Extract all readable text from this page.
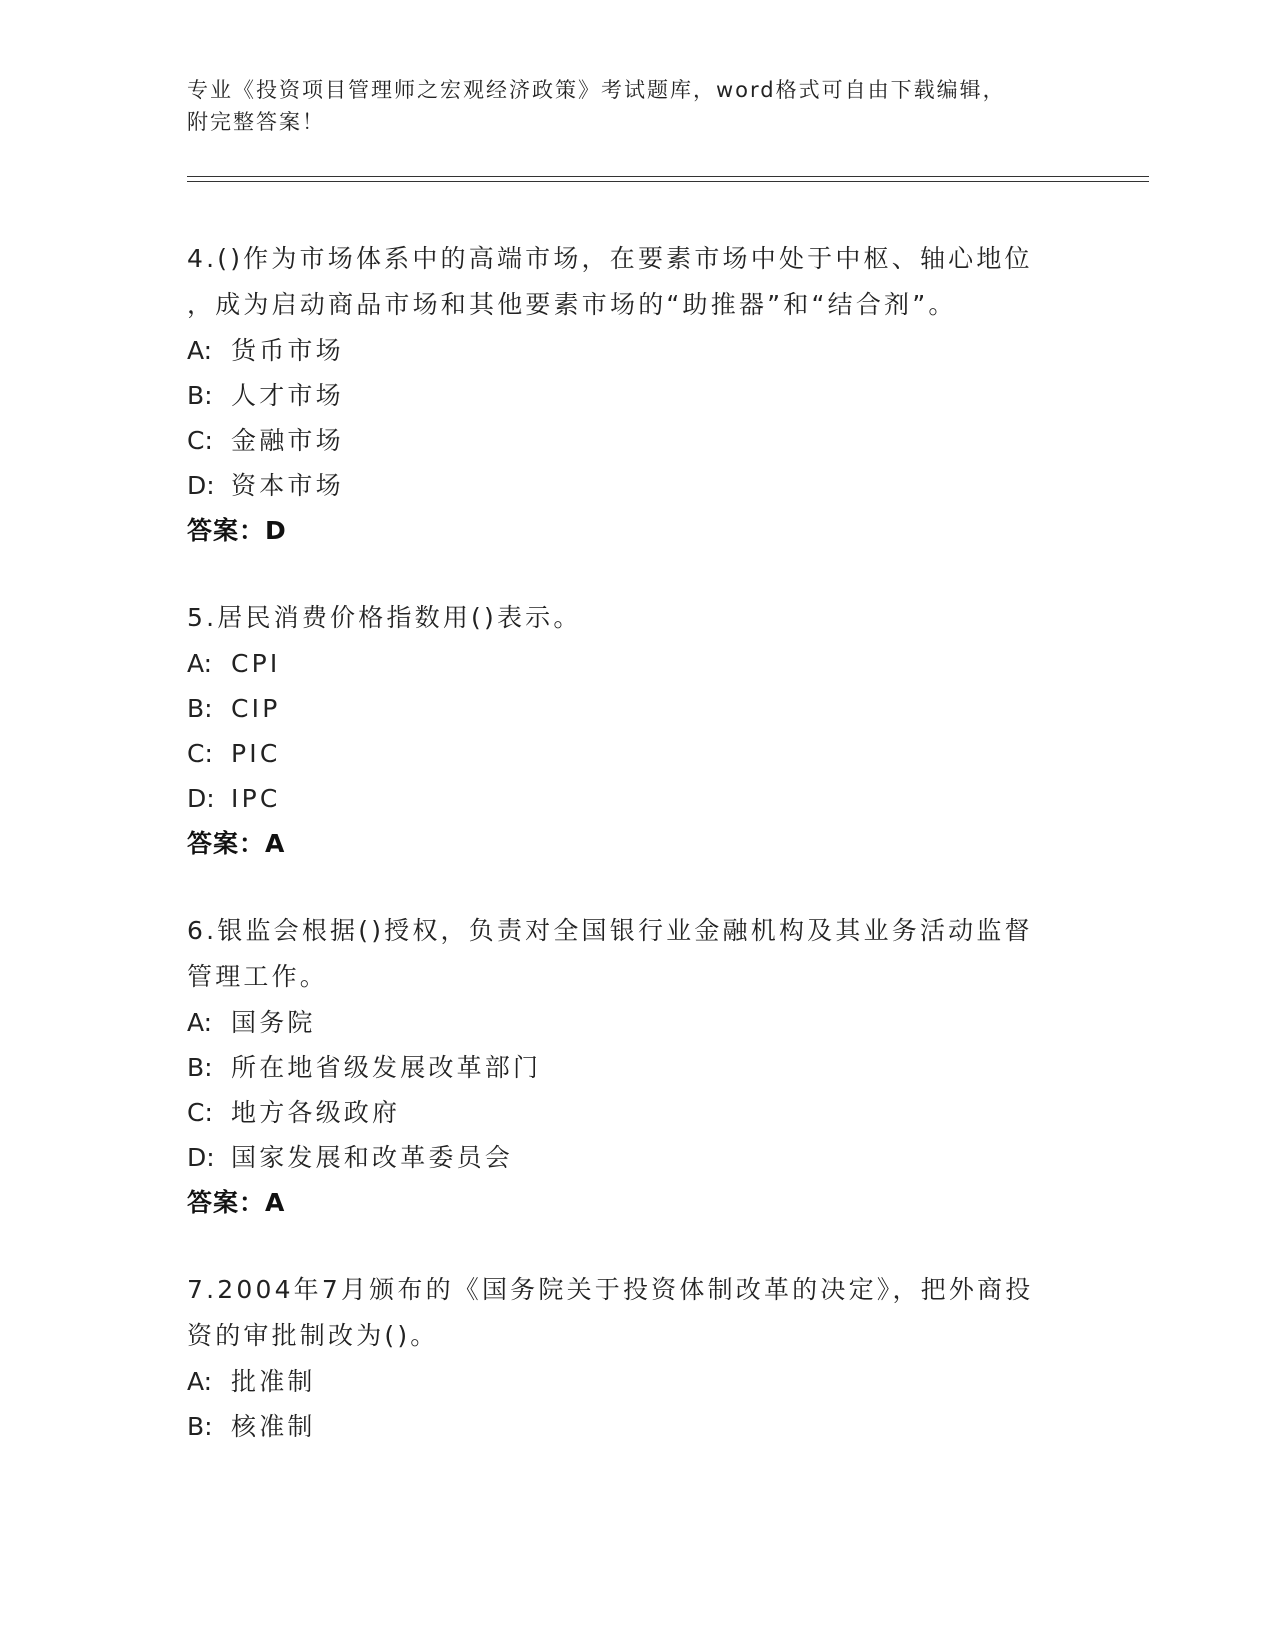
专业《投资项目管理师之宏观经济政策》考试题库，word格式可自由下载编辑，
附完整答案！
4.()作为市场体系中的高端市场，在要素市场中处于中枢、轴心地位
，成为启动商品市场和其他要素市场的“助推器”和“结合剂”。
A: 货币市场
B: 人才市场
C: 金融市场
D: 资本市场
答案：D
5.居民消费价格指数用()表示。
A: CPI
B: CIP
C: PIC
D: IPC
答案：A
6.银监会根据()授权，负责对全国银行业金融机构及其业务活动监督
管理工作。
A: 国务院
B: 所在地省级发展改革部门
C: 地方各级政府
D: 国家发展和改革委员会
答案：A
7.2004年7月颁布的《国务院关于投资体制改革的决定》，把外商投
资的审批制改为()。
A: 批准制
B: 核准制
